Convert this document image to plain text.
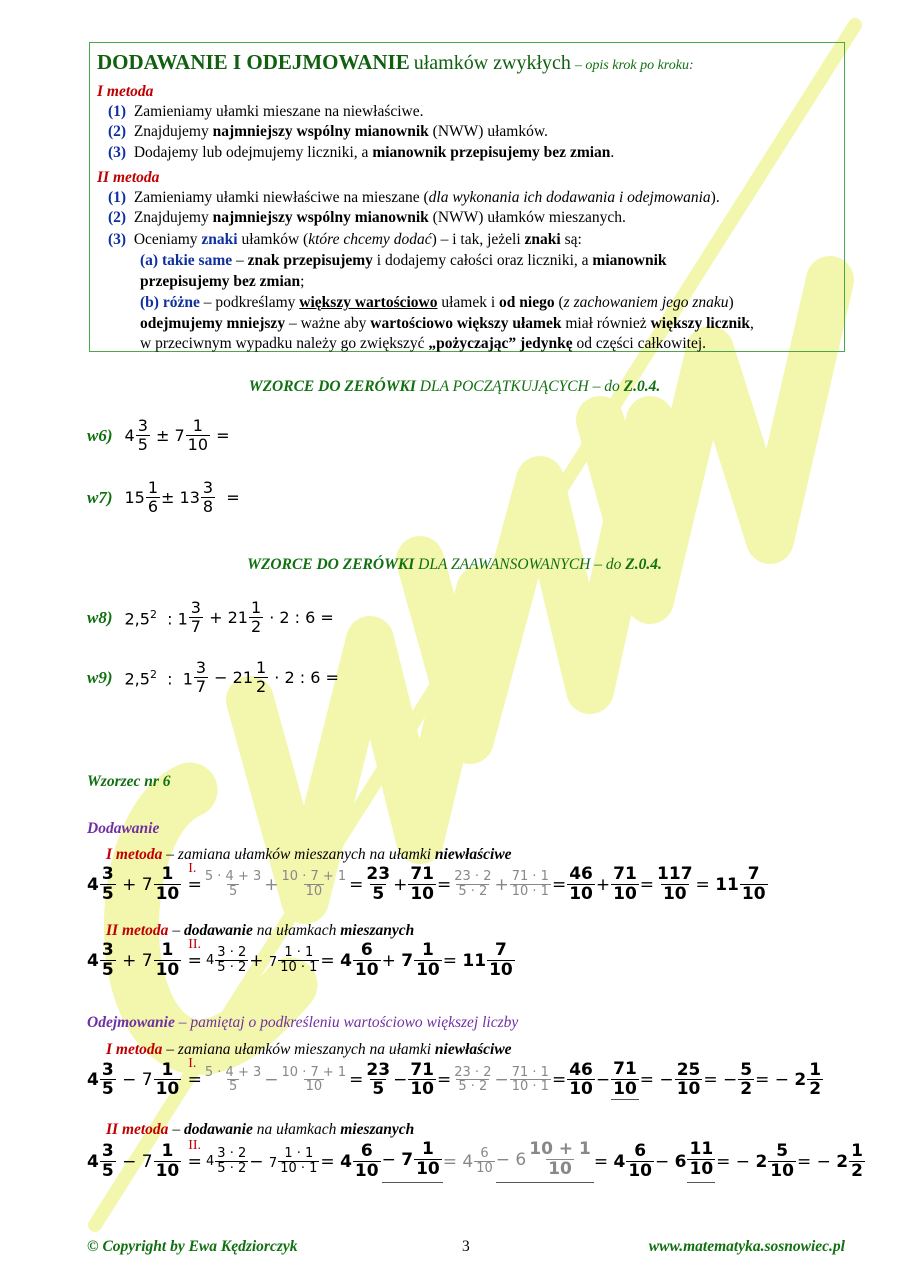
DODAWANIE I ODEJMOWANIE ułamków zwykłych – opis krok po kroku:
I metoda
(1) Zamieniamy ułamki mieszane na niewłaściwe.
(2) Znajdujemy najmniejszy wspólny mianownik (NWW) ułamków.
(3) Dodajemy lub odejmujemy liczniki, a mianownik przepisujemy bez zmian.
II metoda
(1) Zamieniamy ułamki niewłaściwe na mieszane (dla wykonania ich dodawania i odejmowania).
(2) Znajdujemy najmniejszy wspólny mianownik (NWW) ułamków mieszanych.
(3) Oceniamy znaki ułamków (które chcemy dodać) – i tak, jeżeli znaki są:
(a) takie same – znak przepisujemy i dodajemy całości oraz liczniki, a mianownik
przepisujemy bez zmian;
(b) różne – podkreślamy większy wartościowo ułamek i od niego (z zachowaniem jego znaku)
odejmujemy mniejszy – ważne aby wartościowo większy ułamek miał również większy licznik,
w przeciwnym wypadku należy go zwiększyć „pożyczając” jedynkę od części całkowitej.
WZORCE DO ZERÓWKI DLA POCZĄTKUJĄCYCH – do Z.0.4.
WZORCE DO ZERÓWKI DLA ZAAWANSOWANYCH – do Z.0.4.
w6)
$4 \frac{3}{5} \pm 7 \frac{1}{10}$ =
w7)
$15 \frac{1}{6} \pm 13 \frac{3}{8}$ =
w8)
$2,5^2$ : $1 \frac{3}{7} + 21 \frac{1}{2} \cdot 2$ : 6 =
w9)
$2,5^2$ : $1 \frac{3}{7} - 21 \frac{1}{2} \cdot 2$ : 6 =
Wzorzec nr 6
Dodawanie
I metoda – zamiana ułamków mieszanych na ułamki niewłaściwe
$4 \frac{3}{5} + 7 \frac{1}{10}$ =
I.
$\frac{5 \cdot 4 + 3}{5} + \frac{10 \cdot 7 + 1}{10} = \frac{23}{5} + \frac{71}{10} = \frac{23 \cdot 2}{5 \cdot 2} + \frac{71 \cdot 1}{10 \cdot 1} = \frac{46}{10} + \frac{71}{10} = \frac{117}{10} = 11 \frac{7}{10}$
II metoda – dodawanie na ułamkach mieszanych
$4 \frac{3}{5} + 7 \frac{1}{10}$ =
II.
$4 \frac{3 \cdot 2}{5 \cdot 2} + 7 \frac{1 \cdot 1}{10 \cdot 1} = 4 \frac{6}{10} + 7 \frac{1}{10} = 11 \frac{7}{10}$
Odejmowanie – pamiętaj o podkreśleniu wartościowo większej liczby
I metoda – zamiana ułamków mieszanych na ułamki niewłaściwe
$4 \frac{3}{5} - 7 \frac{1}{10}$ =
I.
$\frac{5 \cdot 4 + 3}{5} - \frac{10 \cdot 7 + 1}{10} = \frac{23}{5} - \frac{71}{10} = \frac{23 \cdot 2}{5 \cdot 2} - \frac{71 \cdot 1}{10 \cdot 1} = \frac{46}{10} - \frac{71}{10}$ = − $\frac{25}{10}$ = − $\frac{5}{2}$ = − $2 \frac{1}{2}$
II metoda – dodawanie na ułamkach mieszanych
$4 \frac{3}{5} - 7 \frac{1}{10}$ =
II.
$4 \frac{3 \cdot 2}{5 \cdot 2} - 7 \frac{1 \cdot 1}{10 \cdot 1} = 4 \frac{6}{10} - 7 \frac{1}{10} = 4 \frac{6}{10} - 6 \frac{10 + 1}{10} = 4 \frac{6}{10} - 6 \frac{11}{10}$ = − $2 \frac{5}{10}$ = − $2 \frac{1}{2}$
© Copyright by Ewa Kędziorczyk	3	www.matematyka.sosnowiec.pl
